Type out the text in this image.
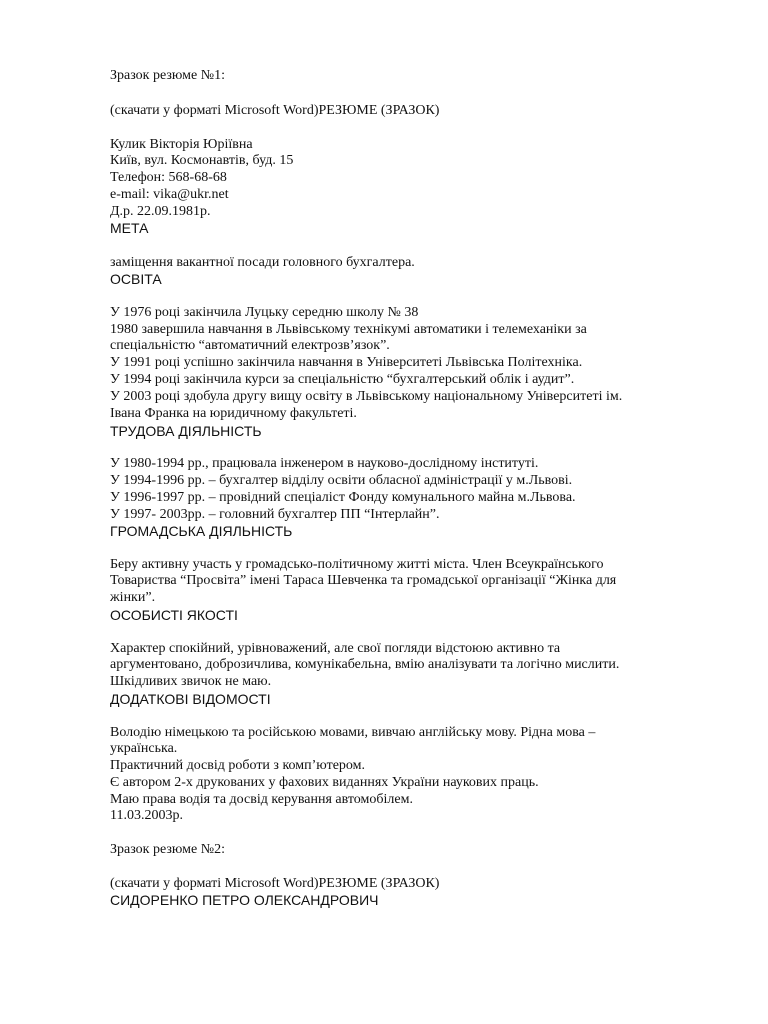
Зразок резюме №1:
(скачати у форматі Microsoft Word)РЕЗЮМЕ (ЗРАЗОК)
Кулик Вікторія Юріївна
Київ, вул. Космонавтів, буд. 15
Телефон: 568-68-68
e-mail: vika@ukr.net
Д.р. 22.09.1981р.
МЕТА
заміщення вакантної посади головного бухгалтера.
ОСВІТА
У 1976 році закінчила Луцьку середню школу № 38
1980 завершила навчання в Львівському технікумі автоматики і телемеханіки за
спеціальністю “автоматичний електрозв’язок”.
У 1991 році успішно закінчила навчання в Університеті Львівська Політехніка.
У 1994 році закінчила курси за спеціальністю “бухгалтерський облік і аудит”.
У 2003 році здобула другу вищу освіту в Львівському національному Університеті ім.
Івана Франка на юридичному факультеті.
ТРУДОВА ДІЯЛЬНІСТЬ
У 1980-1994 рр., працювала інженером в науково-дослідному інституті.
У 1994-1996 рр. – бухгалтер відділу освіти обласної адміністрації у м.Львові.
У 1996-1997 рр. – провідний спеціаліст Фонду комунального майна м.Львова.
У 1997- 2003рр. – головний бухгалтер ПП “Інтерлайн”.
ГРОМАДСЬКА ДІЯЛЬНІСТЬ
Беру активну участь у громадсько-політичному житті міста. Член Всеукраїнського
Товариства “Просвіта” імені Тараса Шевченка та громадської організації “Жінка для
жінки”.
ОСОБИСТІ ЯКОСТІ
Характер спокійний, урівноважений, але свої погляди відстоюю активно та
аргументовано, доброзичлива, комунікабельна, вмію аналізувати та логічно мислити.
Шкідливих звичок не маю.
ДОДАТКОВІ ВІДОМОСТІ
Володію німецькою та російською мовами, вивчаю англійську мову. Рідна мова –
українська.
Практичний досвід роботи з комп’ютером.
Є автором 2-х друкованих у фахових виданнях України наукових праць.
Маю права водія та досвід керування автомобілем.
11.03.2003р.
Зразок резюме №2:
(скачати у форматі Microsoft Word)РЕЗЮМЕ (ЗРАЗОК)
СИДОРЕНКО ПЕТРО ОЛЕКСАНДРОВИЧ
